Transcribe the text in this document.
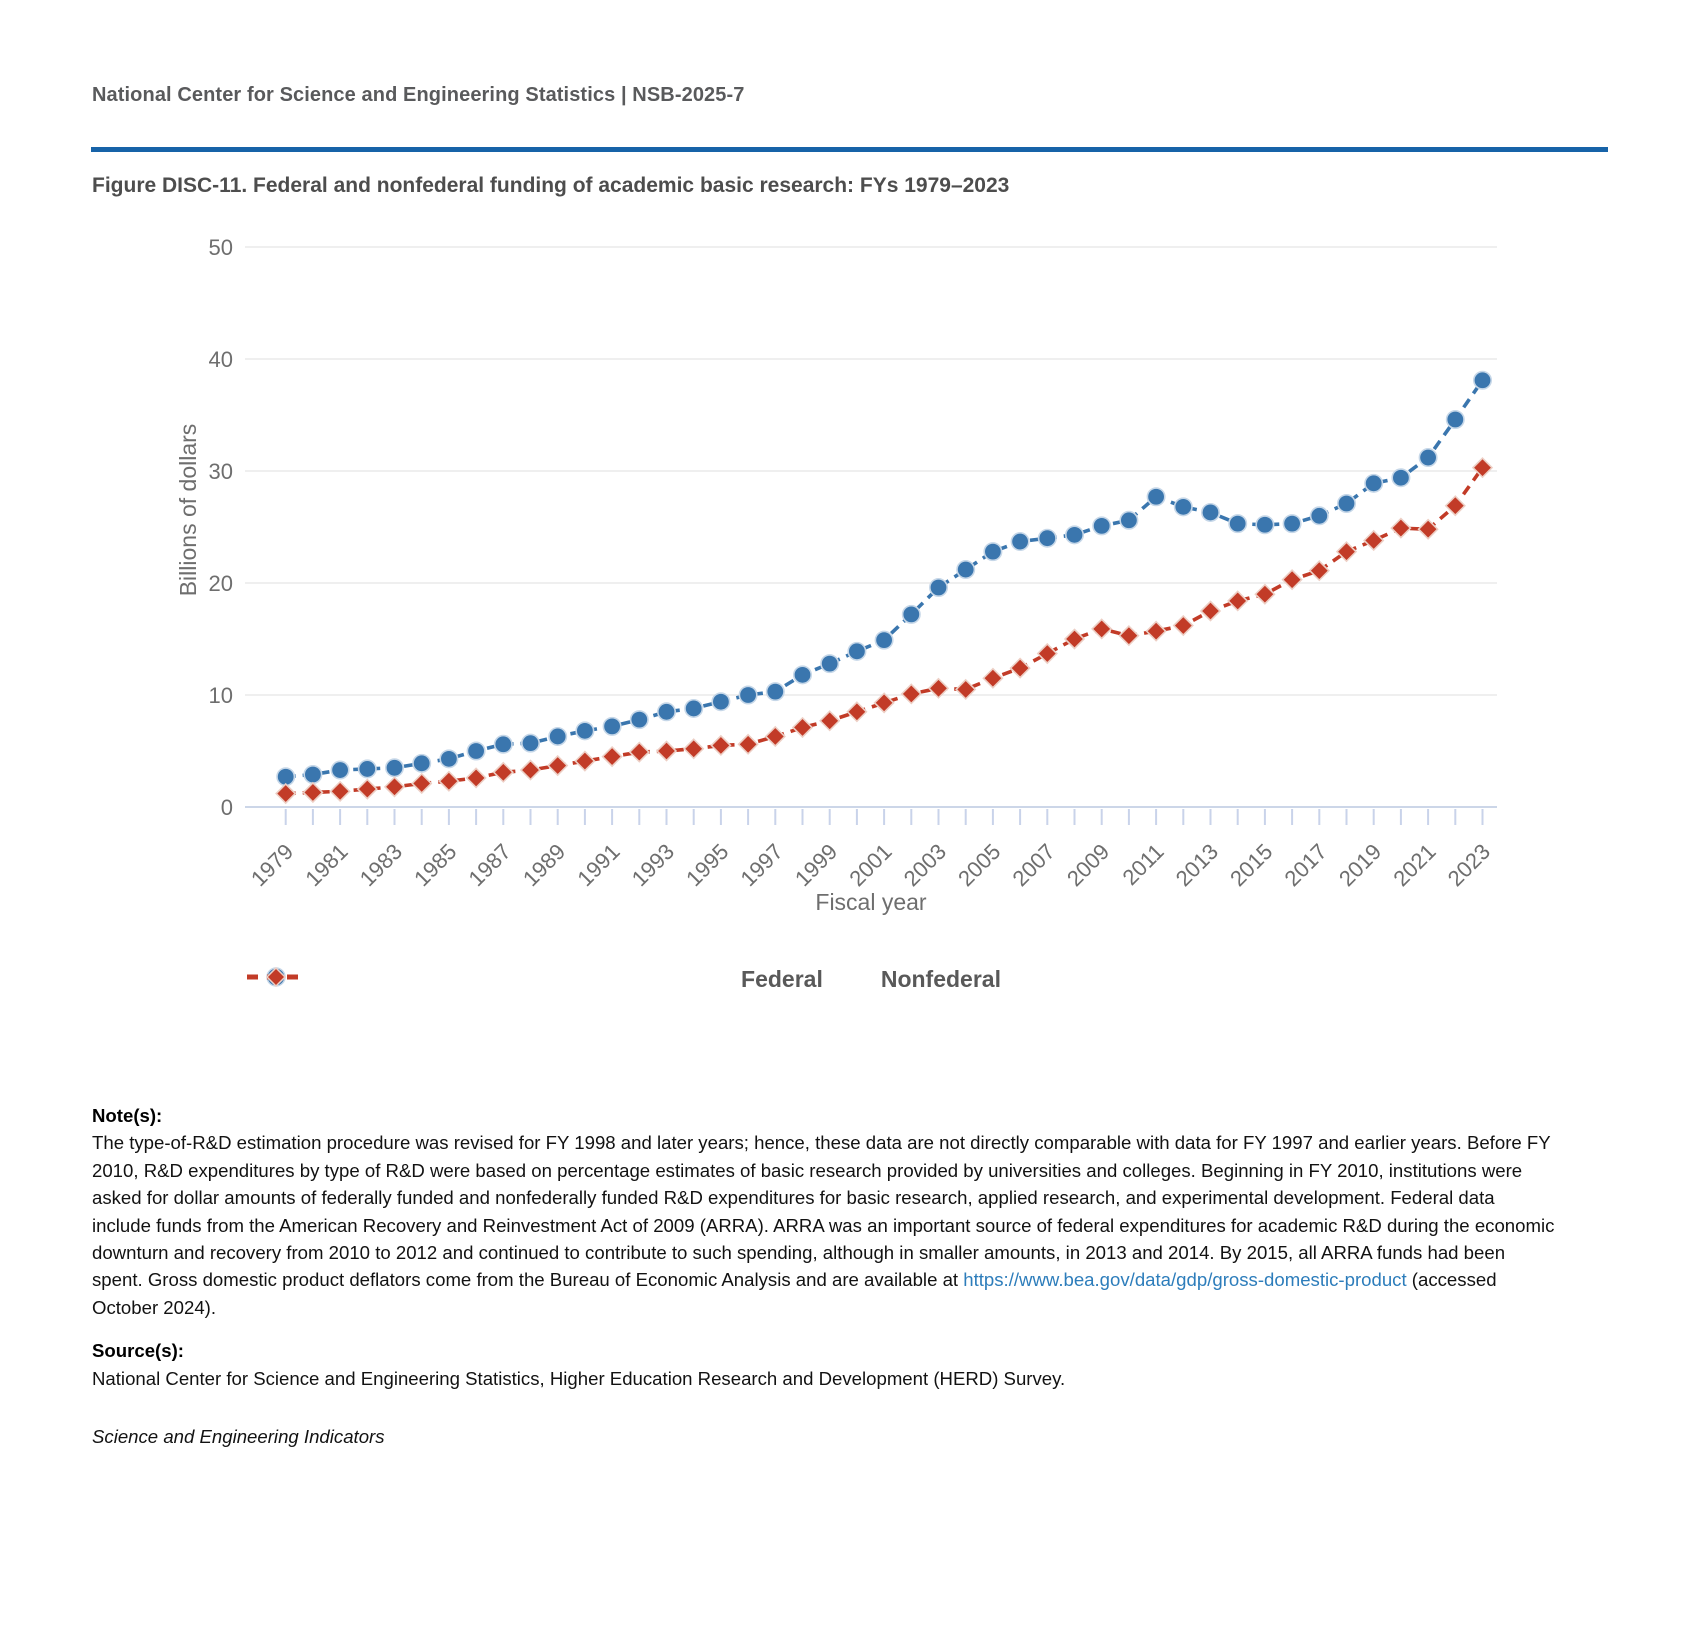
National Center for Science and Engineering Statistics | NSB-2025-7
Figure DISC-11. Federal and nonfederal funding of academic basic research: FYs 1979–2023
0
10
20
30
40
50
1979 1981 1983 1985 1987 1989 1991 1993 1995 1997 1999 2001 2003 2005 2007 2009 2011 2013 2015 2017 2019 2021 2023
Billions of dollars
Fiscal year
Federal	Nonfederal
Note(s):
The type-of-R&D estimation procedure was revised for FY 1998 and later years; hence, these data are not directly comparable with data for FY 1997 and earlier years. Before FY 2010, R&D expenditures by type of R&D were based on percentage estimates of basic research provided by universities and colleges. Beginning in FY 2010, institutions were asked for dollar amounts of federally funded and nonfederally funded R&D expenditures for basic research, applied research, and experimental development. Federal data include funds from the American Recovery and Reinvestment Act of 2009 (ARRA). ARRA was an important source of federal expenditures for academic R&D during the economic downturn and recovery from 2010 to 2012 and continued to contribute to such spending, although in smaller amounts, in 2013 and 2014. By 2015, all ARRA funds had been spent. Gross domestic product deflators come from the Bureau of Economic Analysis and are available at https://www.bea.gov/data/gdp/gross-domestic-product (accessed October 2024).
Source(s):
National Center for Science and Engineering Statistics, Higher Education Research and Development (HERD) Survey.
Science and Engineering Indicators
